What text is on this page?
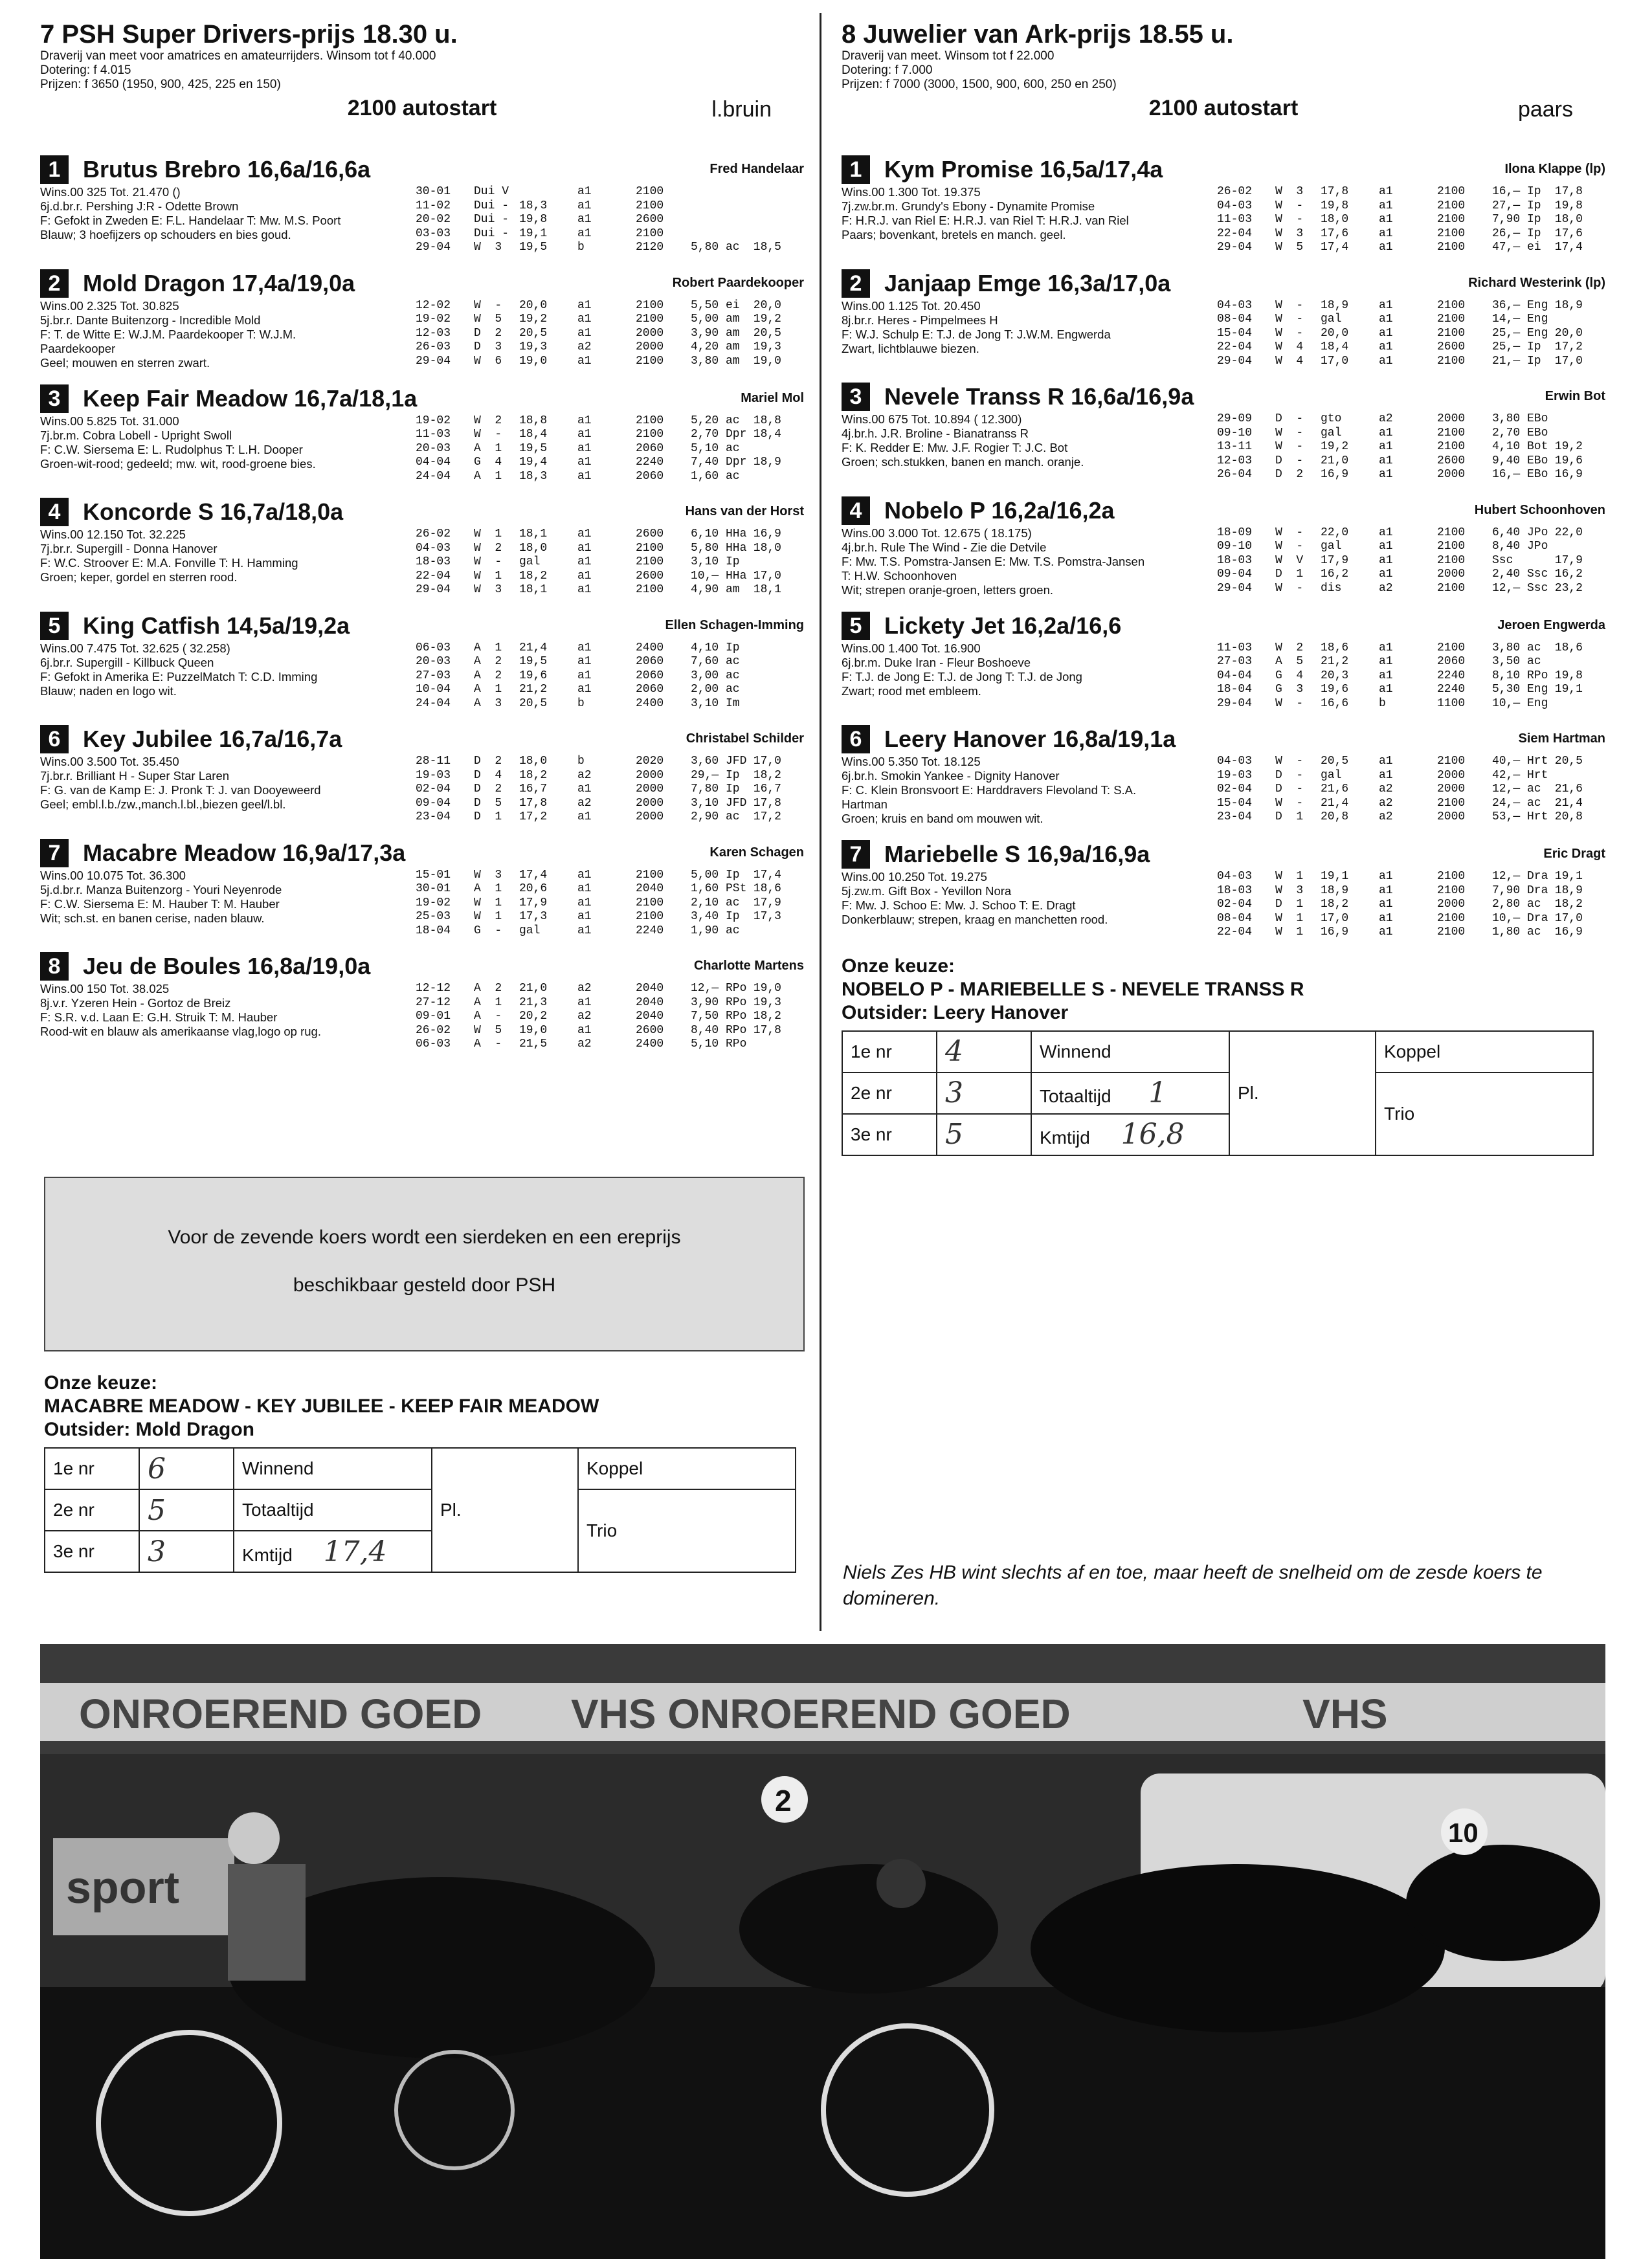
7 PSH Super Drivers-prijs 18.30 u.
Draverij van meet voor amatrices en amateurrijders. Winsom tot f 40.000
Dotering: f 4.015
Prijzen: f 3650 (1950, 900, 425, 225 en 150)
l.bruin
2100 autostart
1 Brutus Brebro 16,6a/16,6a	Fred Handelaar
Wins.00 325 Tot. 21.470 ()
6j.d.br.r. Pershing J:R - Odette Brown
F: Gefokt in Zweden E: F.L. Handelaar T: Mw. M.S. Poort
Blauw; 3 hoefijzers op schouders en bies goud.
30-01	Dui V	a1	2100
11-02	Dui - 18,3	a1	2100
20-02	Dui - 19,8	a1	2600
03-03	Dui - 19,1	a1	2100
29-04	W  3	19,5	b	2120	5,80 ac	18,5
2 Mold Dragon 17,4a/19,0a	Robert Paardekooper
Wins.00 2.325 Tot. 30.825
5j.br.r. Dante Buitenzorg - Incredible Mold
F: T. de Witte E: W.J.M. Paardekooper T: W.J.M.
Paardekooper
Geel; mouwen en sterren zwart.
12-02	W  -	20,0	a1	2100	5,50 ei	20,0
19-02	W  5	19,2	a1	2100	5,00 am	19,2
12-03	D  2	20,5	a1	2000	3,90 am	20,5
26-03	D  3	19,3	a2	2000	4,20 am	19,3
29-04	W  6	19,0	a1	2100	3,80 am	19,0
3 Keep Fair Meadow 16,7a/18,1a	Mariel Mol
Wins.00 5.825 Tot. 31.000
7j.br.m. Cobra Lobell - Upright Swoll
F: C.W. Siersema E: L. Rudolphus T: L.H. Dooper
Groen-wit-rood; gedeeld; mw. wit, rood-groene bies.
19-02	W  2	18,8	a1	2100	5,20 ac	18,8
11-03	W  -	18,4	a1	2100	2,70 Dpr 18,4
20-03	A  1	19,5	a1	2060	5,10 ac
04-04	G  4	19,4	a1	2240	7,40 Dpr 18,9
24-04	A  1	18,3	a1	2060	1,60 ac
4 Koncorde S 16,7a/18,0a	Hans van der Horst
Wins.00 12.150 Tot. 32.225
7j.br.r. Supergill - Donna Hanover
F: W.C. Stroover E: M.A. Fonville T: H. Hamming
Groen; keper, gordel en sterren rood.
26-02	W  1	18,1	a1	2600	6,10 HHa 16,9
04-03	W  2	18,0	a1	2100	5,80 HHa 18,0
18-03	W  -	gal	a1	2100	3,10 Ip
22-04	W  1	18,2	a1	2600	10,— HHa 17,0
29-04	W  3	18,1	a1	2100	4,90 am	18,1
5 King Catfish 14,5a/19,2a	Ellen Schagen-Imming
Wins.00 7.475 Tot. 32.625 ( 32.258)
6j.br.r. Supergill - Killbuck Queen
F: Gefokt in Amerika E: PuzzelMatch T: C.D. Imming
Blauw; naden en logo wit.
06-03	A  1	21,4	a1	2400	4,10 Ip
20-03	A  2	19,5	a1	2060	7,60 ac
27-03	A  2	19,6	a1	2060	3,00 ac
10-04	A  1	21,2	a1	2060	2,00 ac
24-04	A  3	20,5	b	2400	3,10 Im
6 Key Jubilee 16,7a/16,7a	Christabel Schilder
Wins.00 3.500 Tot. 35.450
7j.br.r. Brilliant H - Super Star Laren
F: G. van de Kamp E: J. Pronk T: J. van Dooyeweerd
Geel; embl.l.b./zw.,manch.l.bl.,biezen geel/l.bl.
28-11	D  2	18,0	b	2020	3,60 JFD 17,0
19-03	D  4	18,2	a2	2000	29,— Ip	18,2
02-04	D  2	16,7	a1	2000	7,80 Ip	16,7
09-04	D  5	17,8	a2	2000	3,10 JFD 17,8
23-04	D  1	17,2	a1	2000	2,90 ac	17,2
7 Macabre Meadow 16,9a/17,3a	Karen Schagen
Wins.00 10.075 Tot. 36.300
5j.d.br.r. Manza Buitenzorg - Youri Neyenrode
F: C.W. Siersema E: M. Hauber T: M. Hauber
Wit; sch.st. en banen cerise, naden blauw.
15-01	W  3	17,4	a1	2100	5,00 Ip	17,4
30-01	A  1	20,6	a1	2040	1,60 PSt 18,6
19-02	W  1	17,9	a1	2100	2,10 ac	17,9
25-03	W  1	17,3	a1	2100	3,40 Ip	17,3
18-04	G  -	gal	a1	2240	1,90 ac
8 Jeu de Boules 16,8a/19,0a	Charlotte Martens
Wins.00 150 Tot. 38.025
8j.v.r. Yzeren Hein - Gortoz de Breiz
F: S.R. v.d. Laan E: G.H. Struik T: M. Hauber
Rood-wit en blauw als amerikaanse vlag,logo op rug.
12-12	A  2	21,0	a2	2040	12,— RPo 19,0
27-12	A  1	21,3	a1	2040	3,90 RPo 19,3
09-01	A  -	20,2	a2	2040	7,50 RPo 18,2
26-02	W  5	19,0	a1	2600	8,40 RPo 17,8
06-03	A  -	21,5	a2	2400	5,10 RPo
Voor de zevende koers wordt een sierdeken en een ereprijs
beschikbaar gesteld door PSH
Onze keuze:
MACABRE MEADOW - KEY JUBILEE - KEEP FAIR MEADOW
Outsider: Mold Dragon
1e nr	6	Winnend	Pl.	Koppel
2e nr	5	Totaaltijd		Trio
3e nr	3	Kmtijd 17,4		
8 Juwelier van Ark-prijs 18.55 u.
Draverij van meet. Winsom tot f 22.000
Dotering: f 7.000
Prijzen: f 7000 (3000, 1500, 900, 600, 250 en 250)
paars
2100 autostart
1 Kym Promise 16,5a/17,4a	Ilona Klappe (lp)
Wins.00 1.300 Tot. 19.375
7j.zw.br.m. Grundy's Ebony - Dynamite Promise
F: H.R.J. van Riel E: H.R.J. van Riel T: H.R.J. van Riel
Paars; bovenkant, bretels en manch. geel.
26-02	W  3	17,8	a1	2100	16,— Ip	17,8
04-03	W  -	19,8	a1	2100	27,— Ip	19,8
11-03	W  -	18,0	a1	2100	7,90 Ip	18,0
22-04	W  3	17,6	a1	2100	26,— Ip	17,6
29-04	W  5	17,4	a1	2100	47,— ei	17,4
2 Janjaap Emge 16,3a/17,0a	Richard Westerink (lp)
Wins.00 1.125 Tot. 20.450
8j.br.r. Heres - Pimpelmees H
F: W.J. Schulp E: T.J. de Jong T: J.W.M. Engwerda
Zwart, lichtblauwe biezen.
04-03	W  -	18,9	a1	2100	36,— Eng 18,9
08-04	W  -	gal	a1	2100	14,— Eng
15-04	W  -	20,0	a1	2100	25,— Eng 20,0
22-04	W  4	18,4	a1	2600	25,— Ip	17,2
29-04	W  4	17,0	a1	2100	21,— Ip	17,0
3 Nevele Transs R 16,6a/16,9a	Erwin Bot
Wins.00 675 Tot. 10.894 ( 12.300)
4j.br.h. J.R. Broline - Bianatranss R
F: K. Redder E: Mw. J.F. Rogier T: J.C. Bot
Groen; sch.stukken, banen en manch. oranje.
29-09	D  -	gto	a2	2000	3,80 EBo
09-10	W  -	gal	a1	2100	2,70 EBo
13-11	W  -	19,2	a1	2100	4,10 Bot 19,2
12-03	D  -	21,0	a1	2600	9,40 EBo 19,6
26-04	D  2	16,9	a1	2000	16,— EBo 16,9
4 Nobelo P 16,2a/16,2a	Hubert Schoonhoven
Wins.00 3.000 Tot. 12.675 ( 18.175)
4j.br.h. Rule The Wind - Zie die Detvile
F: Mw. T.S. Pomstra-Jansen E: Mw. T.S. Pomstra-Jansen
T: H.W. Schoonhoven
Wit; strepen oranje-groen, letters groen.
18-09	W  -	22,0	a1	2100	6,40 JPo 22,0
09-10	W  -	gal	a1	2100	8,40 JPo
18-03	W  V	17,9	a1	2100	Ssc	17,9
09-04	D  1	16,2	a1	2000	2,40 Ssc 16,2
29-04	W  -	dis	a2	2100	12,— Ssc 23,2
5 Lickety Jet 16,2a/16,6	Jeroen Engwerda
Wins.00 1.400 Tot. 16.900
6j.br.m. Duke Iran - Fleur Boshoeve
F: T.J. de Jong E: T.J. de Jong T: T.J. de Jong
Zwart; rood met embleem.
11-03	W  2	18,6	a1	2100	3,80 ac	18,6
27-03	A  5	21,2	a1	2060	3,50 ac
04-04	G  4	20,3	a1	2240	8,10 RPo 19,8
18-04	G  3	19,6	a1	2240	5,30 Eng 19,1
29-04	W  -	16,6	b	1100	10,— Eng
6 Leery Hanover 16,8a/19,1a	Siem Hartman
Wins.00 5.350 Tot. 18.125
6j.br.h. Smokin Yankee - Dignity Hanover
F: C. Klein Bronsvoort E: Harddravers Flevoland T: S.A.
Hartman
Groen; kruis en band om mouwen wit.
04-03	W  -	20,5	a1	2100	40,— Hrt 20,5
19-03	D  -	gal	a1	2000	42,— Hrt
02-04	D  -	21,6	a2	2000	12,— ac	21,6
15-04	W  -	21,4	a2	2100	24,— ac	21,4
23-04	D  1	20,8	a2	2000	53,— Hrt 20,8
7 Mariebelle S 16,9a/16,9a	Eric Dragt
Wins.00 10.250 Tot. 19.275
5j.zw.m. Gift Box - Yevillon Nora
F: Mw. J. Schoo E: Mw. J. Schoo T: E. Dragt
Donkerblauw; strepen, kraag en manchetten rood.
04-03	W  1	19,1	a1	2100	12,— Dra 19,1
18-03	W  3	18,9	a1	2100	7,90 Dra 18,9
02-04	D  1	18,2	a1	2000	2,80 ac	18,2
08-04	W  1	17,0	a1	2100	10,— Dra 17,0
22-04	W  1	16,9	a1	2100	1,80 ac	16,9
Onze keuze:
NOBELO P - MARIEBELLE S - NEVELE TRANSS R
Outsider: Leery Hanover
1e nr	4	Winnend	Pl.	Koppel
2e nr	3	Totaaltijd 1		Trio
3e nr	5	Kmtijd 16,8		
Niels Zes HB wint slechts af en toe, maar heeft de snelheid om de zesde koers te domineren.
ONROEREND GOED VHS ONROEREND GOED	VHS
sport
2
10
